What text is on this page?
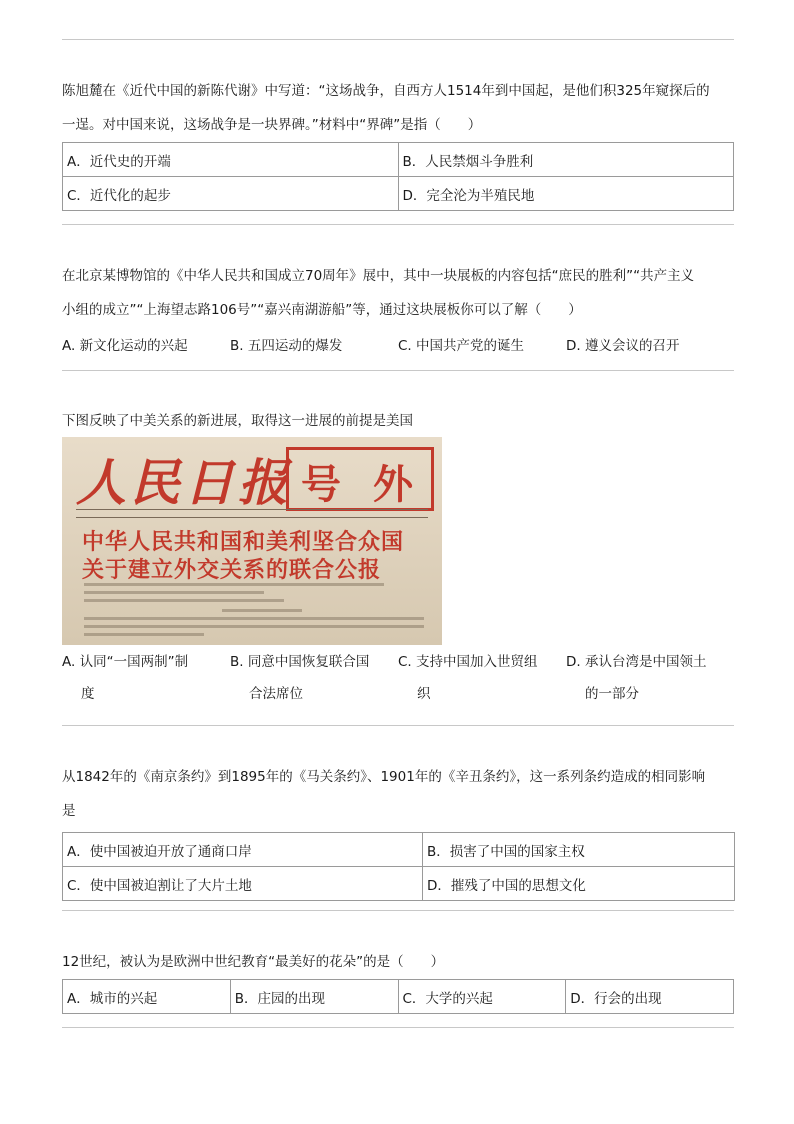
陈旭麓在《近代中国的新陈代谢》中写道：“这场战争，自西方人1514年到中国起，是他们积325年窥探后的

一逞。对中国来说，这场战争是一块界碑。”材料中“界碑”是指（　　）

A．近代史的开端	B．人民禁烟斗争胜利
C．近代化的起步	D．完全沦为半殖民地

在北京某博物馆的《中华人民共和国成立70周年》展中，其中一块展板的内容包括“庶民的胜利”“共产主义

小组的成立”“上海望志路106号”“嘉兴南湖游船”等，通过这块展板你可以了解（　　）

A. 新文化运动的兴起	B. 五四运动的爆发	C. 中国共产党的诞生	D. 遵义会议的召开

下图反映了中美关系的新进展，取得这一进展的前提是美国

人民日报 号 外
中华人民共和国和美利坚合众国
关于建立外交关系的联合公报
A. 认同“一国两制”制
度
B. 同意中国恢复联合国
合法席位
C. 支持中国加入世贸组
织
D. 承认台湾是中国领土
的一部分

从1842年的《南京条约》到1895年的《马关条约》、1901年的《辛丑条约》，这一系列条约造成的相同影响

是

A．使中国被迫开放了通商口岸	B．损害了中国的国家主权
C．使中国被迫割让了大片土地	D．摧残了中国的思想文化

12世纪，被认为是欧洲中世纪教育“最美好的花朵”的是（　　）

A．城市的兴起	B．庄园的出现	C．大学的兴起	D．行会的出现
